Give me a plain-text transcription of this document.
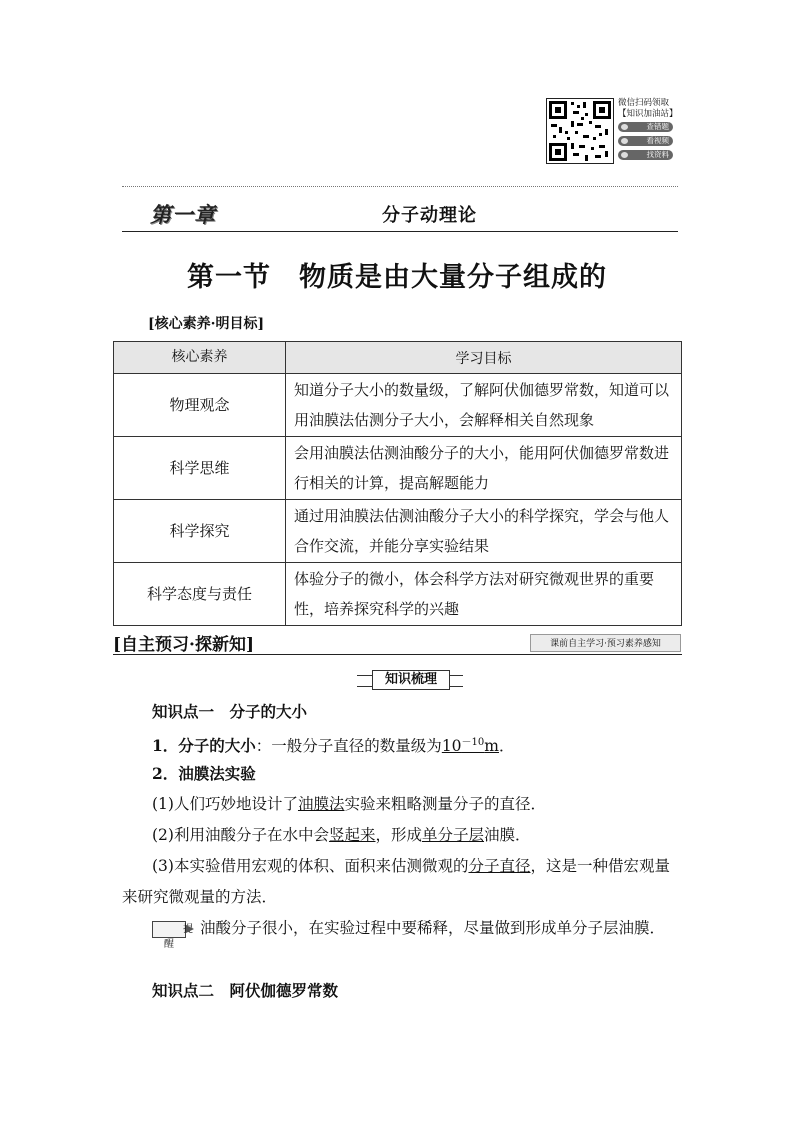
微信扫码领取
【知识加油站】
查错题
看视频
找资料
第一章	分子动理论
第一节　物质是由大量分子组成的
[核心素养·明目标]
核心素养	学习目标
物理观念	知道分子大小的数量级，了解阿伏伽德罗常数，知道可以用油膜法估测分子大小，会解释相关自然现象
科学思维	会用油膜法估测油酸分子的大小，能用阿伏伽德罗常数进行相关的计算，提高解题能力
科学探究	通过用油膜法估测油酸分子大小的科学探究，学会与他人合作交流，并能分享实验结果
科学态度与责任	体验分子的微小，体会科学方法对研究微观世界的重要性，培养探究科学的兴趣
[自主预习·探新知]	课前自主学习·预习素养感知
知识梳理
知识点一　分子的大小
1．分子的大小：一般分子直径的数量级为$10^{-10}m$．
2．油膜法实验
(1)人们巧妙地设计了油膜法实验来粗略测量分子的直径．
(2)利用油酸分子在水中会竖起来，形成单分子层油膜．
(3)本实验借用宏观的体积、面积来估测微观的分子直径，这是一种借宏观量来研究微观量的方法．
提醒油酸分子很小，在实验过程中要稀释，尽量做到形成单分子层油膜．
知识点二　阿伏伽德罗常数
